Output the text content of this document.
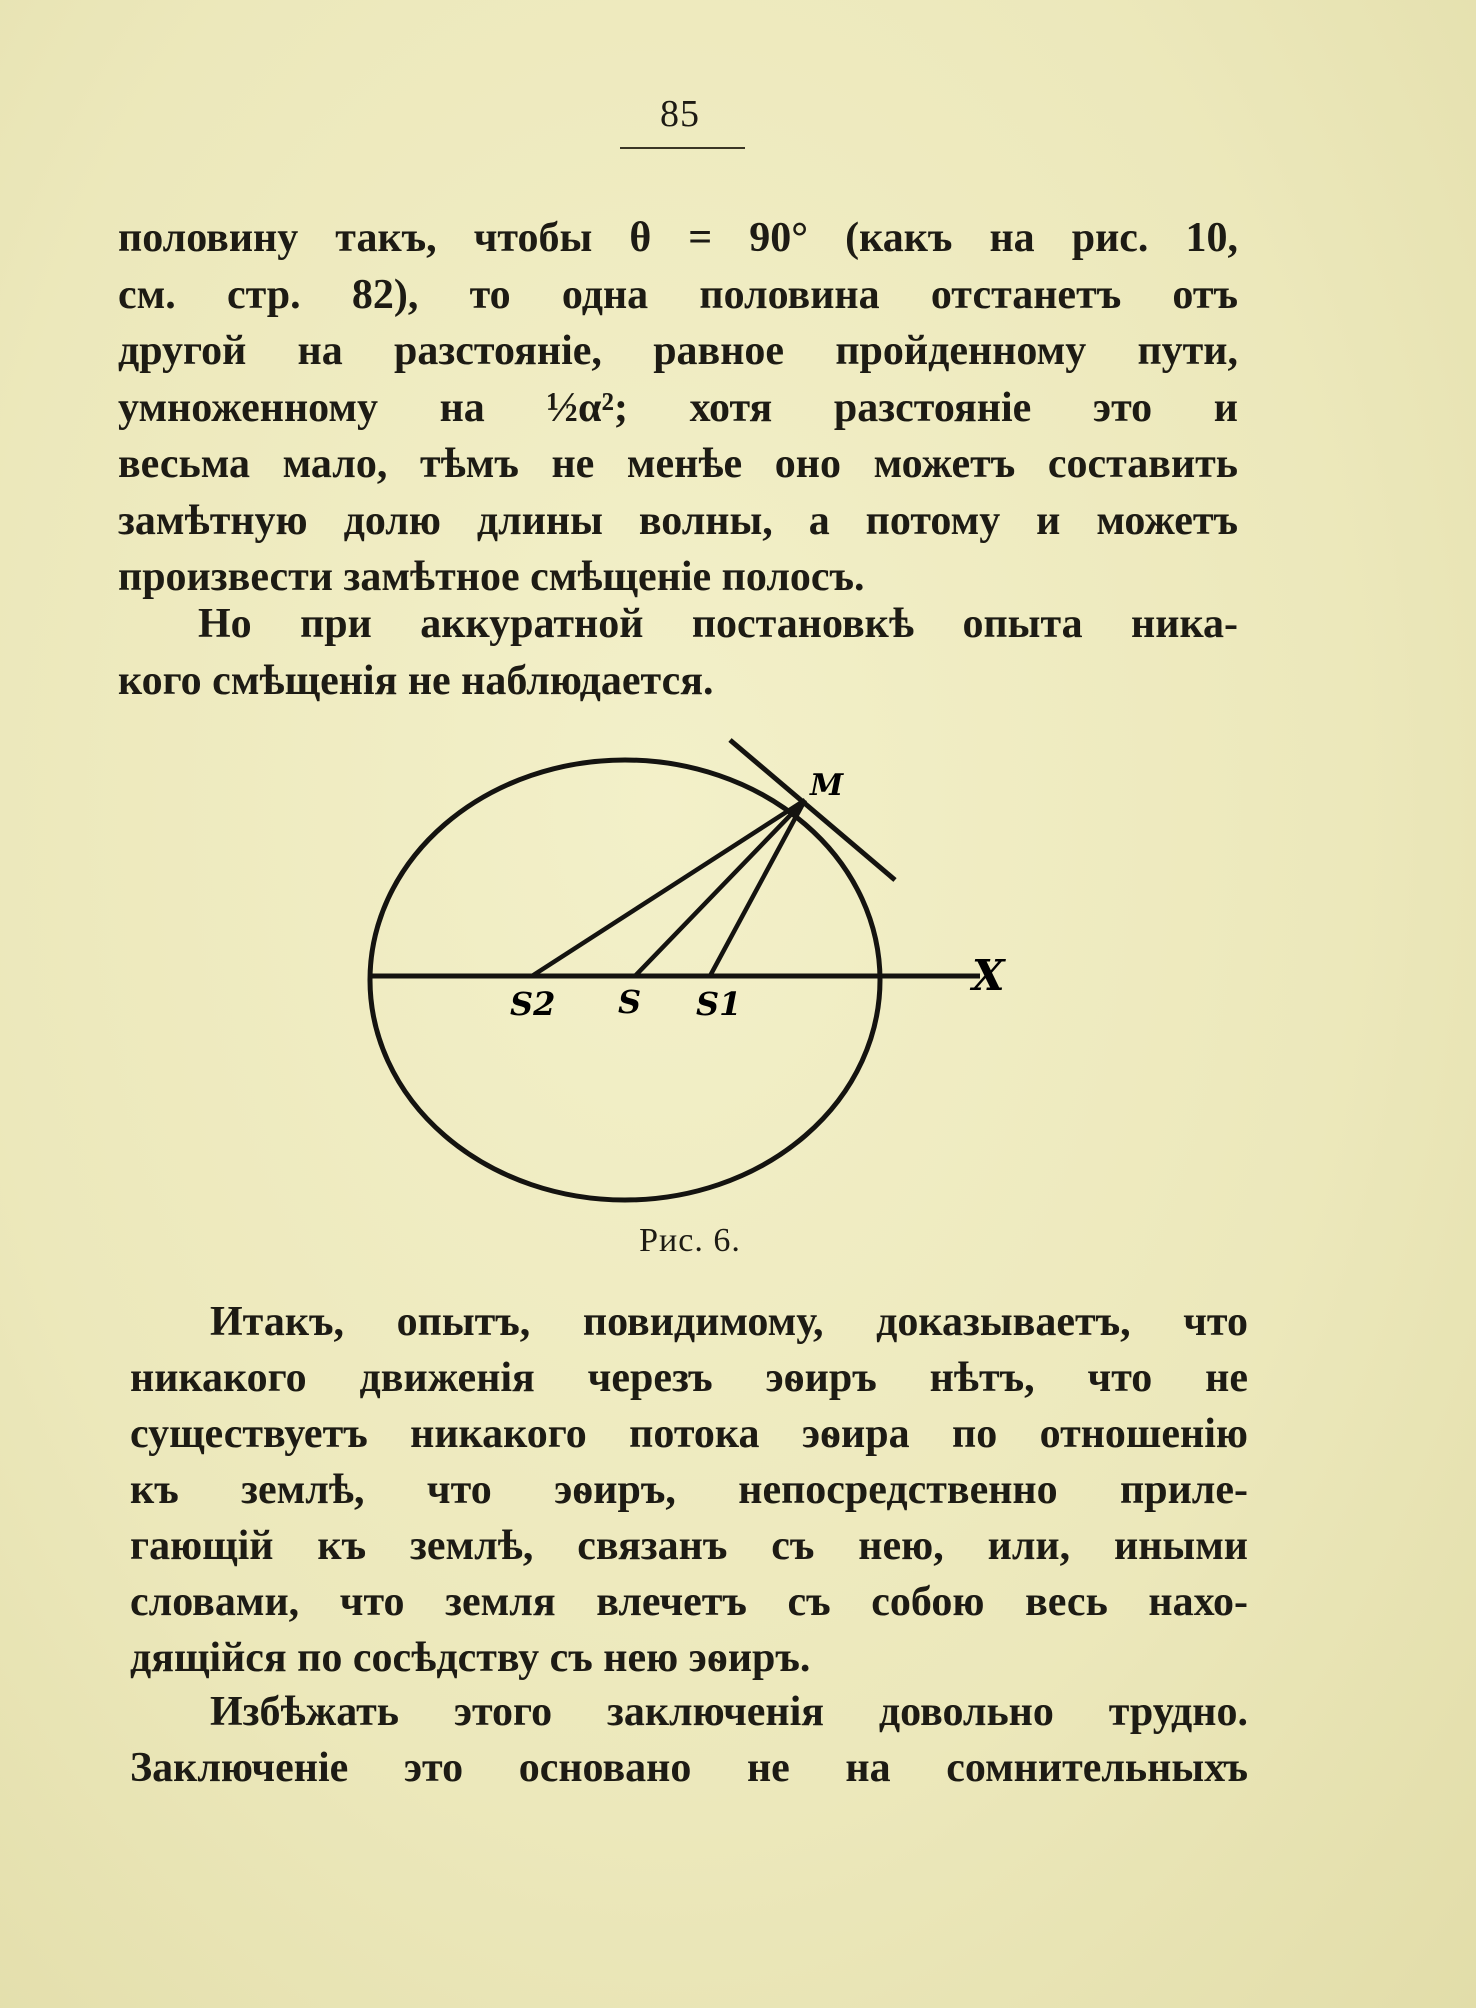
85
половину такъ, чтобы θ = 90° (какъ на рис. 10,
см. стр. 82), то одна половина отстанетъ отъ
другой на разстояніе, равное пройденному пути,
умноженному на ½α²; хотя разстояніе это и
весьма мало, тѣмъ не менѣе оно можетъ составить
замѣтную долю длины волны, а потому и можетъ
произвести замѣтное смѣщеніе полосъ.
Но при аккуратной постановкѣ опыта ника-
кого смѣщенія не наблюдается.
M
X
S2 S S1
Рис. 6.
Итакъ, опытъ, повидимому, доказываетъ, что
никакого движенія черезъ эѳиръ нѣтъ, что не
существуетъ никакого потока эѳира по отношенію
къ землѣ, что эѳиръ, непосредственно приле-
гающій къ землѣ, связанъ съ нею, или, иными
словами, что земля влечетъ съ собою весь нахо-
дящійся по сосѣдству съ нею эѳиръ.
Избѣжать этого заключенія довольно трудно.
Заключеніе это основано не на сомнительныхъ
